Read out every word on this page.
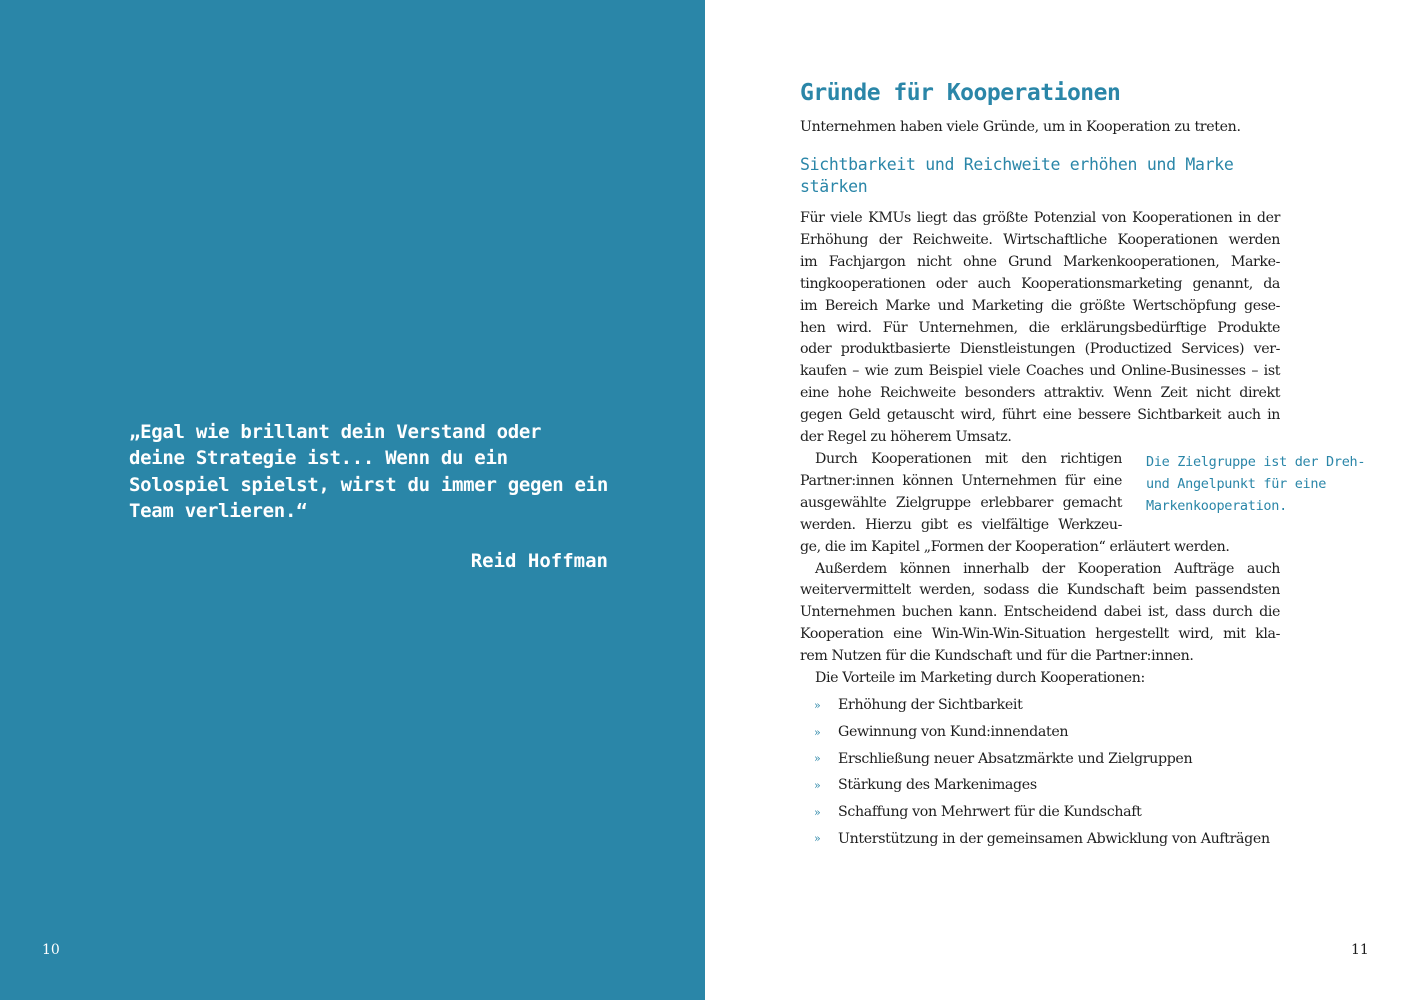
„Egal wie brillant dein Verstand oder
deine Strategie ist... Wenn du ein
Solospiel spielst, wirst du immer gegen ein
Team verlieren.“
Reid Hoffman
10
Gründe für Kooperationen
Unternehmen haben viele Gründe, um in Kooperation zu treten.
Sichtbarkeit und Reichweite erhöhen und Marke stärken
Für viele KMUs liegt das größte Potenzial von Kooperationen in der
Erhöhung der Reichweite. Wirtschaftliche Kooperationen werden
im Fachjargon nicht ohne Grund Markenkooperationen, Marke-
tingkooperationen oder auch Kooperationsmarketing genannt, da
im Bereich Marke und Marketing die größte Wertschöpfung gese-
hen wird. Für Unternehmen, die erklärungsbedürftige Produkte
oder produktbasierte Dienstleistungen (Productized Services) ver-
kaufen – wie zum Beispiel viele Coaches und Online-Businesses – ist
eine hohe Reichweite besonders attraktiv. Wenn Zeit nicht direkt
gegen Geld getauscht wird, führt eine bessere Sichtbarkeit auch in
der Regel zu höherem Umsatz.
Durch Kooperationen mit den richtigen
Partner:innen können Unternehmen für eine
ausgewählte Zielgruppe erlebbarer gemacht
werden. Hierzu gibt es vielfältige Werkzeu-
ge, die im Kapitel „Formen der Kooperation“ erläutert werden.
Außerdem können innerhalb der Kooperation Aufträge auch
weitervermittelt werden, sodass die Kundschaft beim passendsten
Unternehmen buchen kann. Entscheidend dabei ist, dass durch die
Kooperation eine Win-Win-Win-Situation hergestellt wird, mit kla-
rem Nutzen für die Kundschaft und für die Partner:innen.
Die Vorteile im Marketing durch Kooperationen:
Die Zielgruppe ist der Dreh- und Angelpunkt für eine Markenkooperation.
»	Erhöhung der Sichtbarkeit
»	Gewinnung von Kund:innendaten
»	Erschließung neuer Absatzmärkte und Zielgruppen
»	Stärkung des Markenimages
»	Schaffung von Mehrwert für die Kundschaft
»	Unterstützung in der gemeinsamen Abwicklung von Aufträgen
11
